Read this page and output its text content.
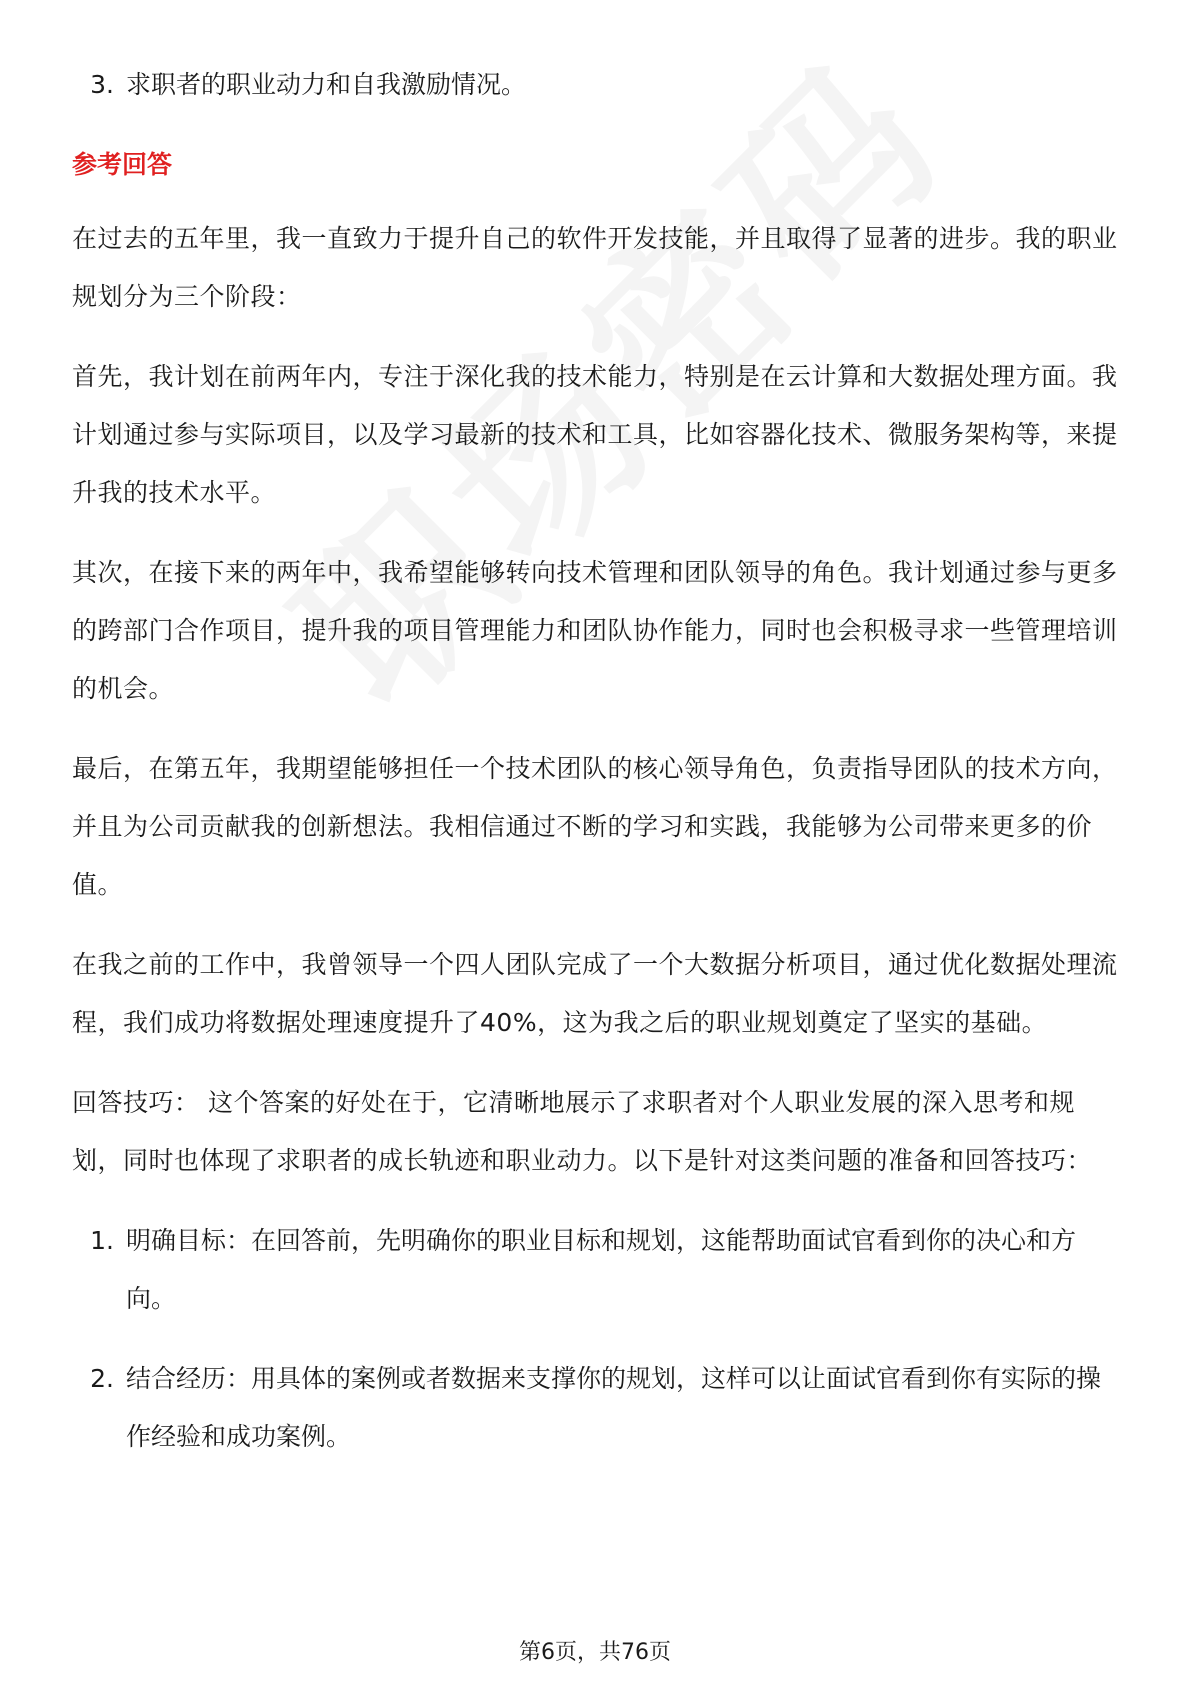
3. 求职者的职业动力和自我激励情况。
参考回答

在过去的五年里，我一直致力于提升自己的软件开发技能，并且取得了显著的进步。我的职业规划分为三个阶段：

首先，我计划在前两年内，专注于深化我的技术能力，特别是在云计算和大数据处理方面。我计划通过参与实际项目，以及学习最新的技术和工具，比如容器化技术、微服务架构等，来提升我的技术水平。

其次，在接下来的两年中，我希望能够转向技术管理和团队领导的角色。我计划通过参与更多的跨部门合作项目，提升我的项目管理能力和团队协作能力，同时也会积极寻求一些管理培训的机会。

最后，在第五年，我期望能够担任一个技术团队的核心领导角色，负责指导团队的技术方向，并且为公司贡献我的创新想法。我相信通过不断的学习和实践，我能够为公司带来更多的价值。

在我之前的工作中，我曾领导一个四人团队完成了一个大数据分析项目，通过优化数据处理流程，我们成功将数据处理速度提升了40%，这为我之后的职业规划奠定了坚实的基础。

回答技巧： 这个答案的好处在于，它清晰地展示了求职者对个人职业发展的深入思考和规划，同时也体现了求职者的成长轨迹和职业动力。以下是针对这类问题的准备和回答技巧：

1. 明确目标：在回答前，先明确你的职业目标和规划，这能帮助面试官看到你的决心和方向。
2. 结合经历：用具体的案例或者数据来支撑你的规划，这样可以让面试官看到你有实际的操作经验和成功案例。
第6页，共76页
